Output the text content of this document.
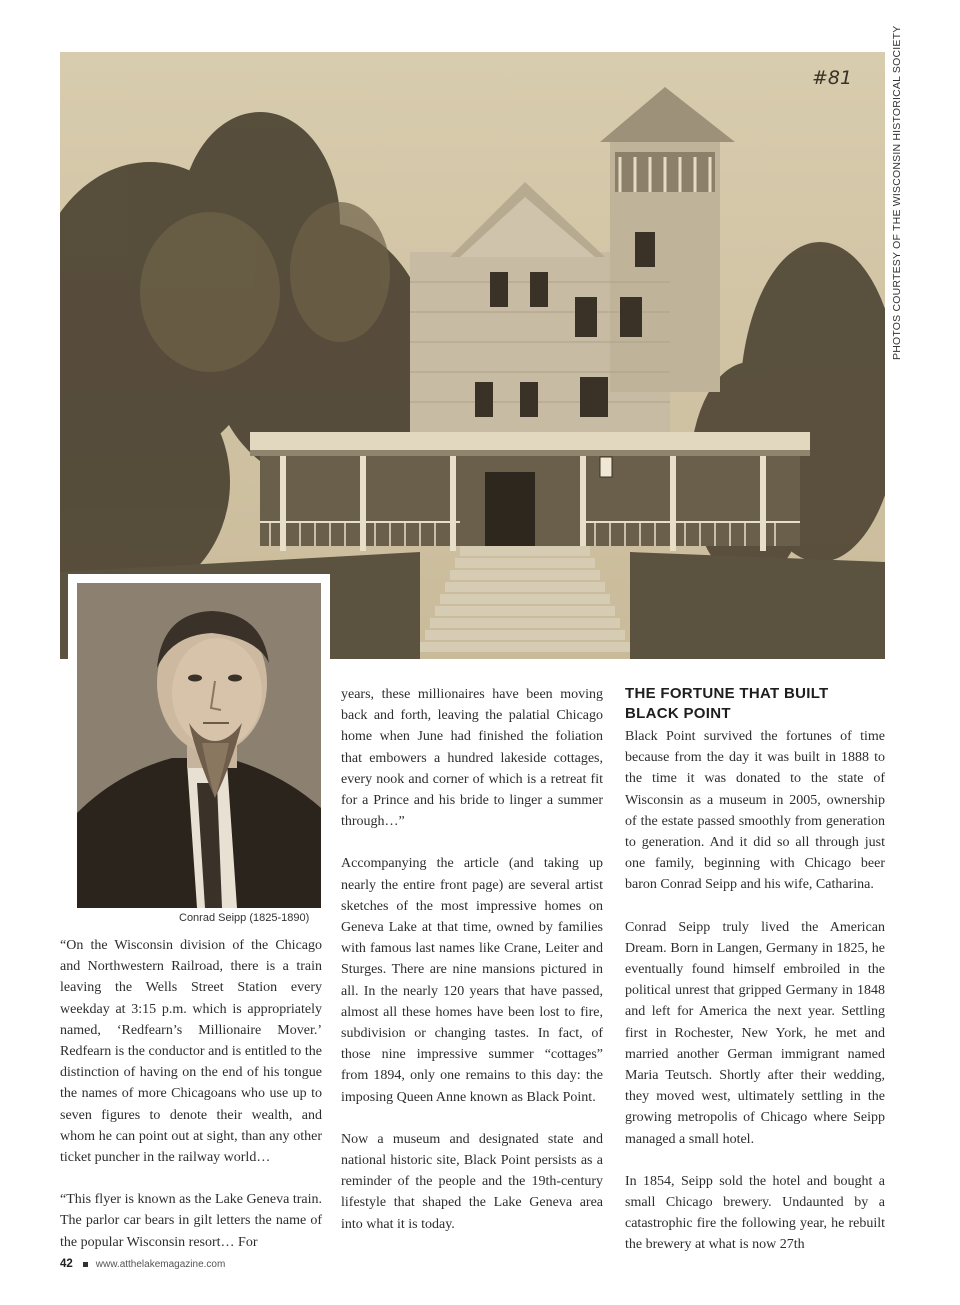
#81	PHOTOS COURTESY OF THE WISCONSIN HISTORICAL SOCIETY
Conrad Seipp (1825-1890)

“On the Wisconsin division of the Chicago and Northwestern Railroad, there is a train leaving the Wells Street Station every weekday at 3:15 p.m. which is appropriately named, ‘Redfearn’s Millionaire Mover.’ Redfearn is the conductor and is entitled to the distinction of having on the end of his tongue the names of more Chicagoans who use up to seven figures to denote their wealth, and whom he can point out at sight, than any other ticket puncher in the railway world…

“This flyer is known as the Lake Geneva train. The parlor car bears in gilt letters the name of the popular Wisconsin resort… For

years, these millionaires have been moving back and forth, leaving the palatial Chicago home when June had finished the foliation that embowers a hundred lakeside cottages, every nook and corner of which is a retreat fit for a Prince and his bride to linger a summer through…”

Accompanying the article (and taking up nearly the entire front page) are several artist sketches of the most impressive homes on Geneva Lake at that time, owned by families with famous last names like Crane, Leiter and Sturges. There are nine mansions pictured in all. In the nearly 120 years that have passed, almost all these homes have been lost to fire, subdivision or changing tastes. In fact, of those nine impressive summer “cottages” from 1894, only one remains to this day: the imposing Queen Anne known as Black Point.

Now a museum and designated state and national historic site, Black Point persists as a reminder of the people and the 19th-century lifestyle that shaped the Lake Geneva area into what it is today.

THE FORTUNE THAT BUILT BLACK POINT

Black Point survived the fortunes of time because from the day it was built in 1888 to the time it was donated to the state of Wisconsin as a museum in 2005, ownership of the estate passed smoothly from generation to generation. And it did so all through just one family, beginning with Chicago beer baron Conrad Seipp and his wife, Catharina.

Conrad Seipp truly lived the American Dream. Born in Langen, Germany in 1825, he eventually found himself embroiled in the political unrest that gripped Germany in 1848 and left for America the next year. Settling first in Rochester, New York, he met and married another German immigrant named Maria Teutsch. Shortly after their wedding, they moved west, ultimately settling in the growing metropolis of Chicago where Seipp managed a small hotel.

In 1854, Seipp sold the hotel and bought a small Chicago brewery. Undaunted by a catastrophic fire the following year, he rebuilt the brewery at what is now 27th

42 www.atthelakemagazine.com
